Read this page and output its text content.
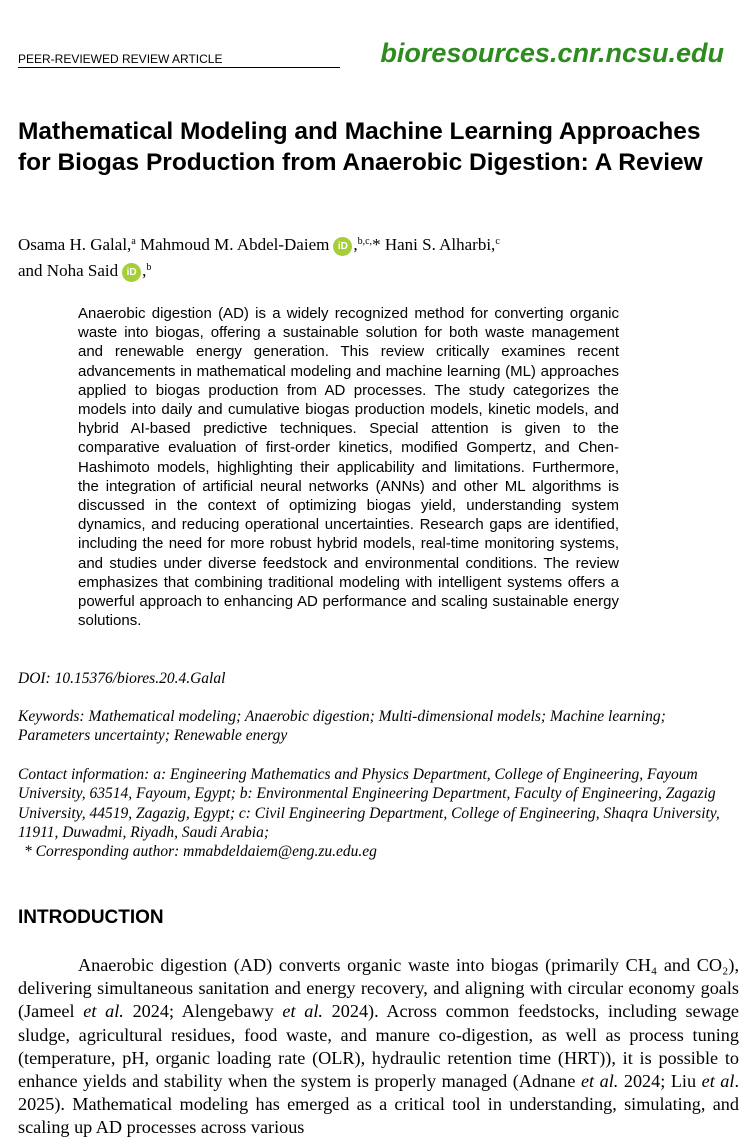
PEER-REVIEWED REVIEW ARTICLE	bioresources.cnr.ncsu.edu
Mathematical Modeling and Machine Learning Approaches for Biogas Production from Anaerobic Digestion: A Review
Osama H. Galal,$^a$ Mahmoud M. Abdel-Daiem iD ,$^{b,c,}$* Hani S. Alharbi,$^c$
and Noha Said iD ,$^b$

Anaerobic digestion (AD) is a widely recognized method for converting organic waste into biogas, offering a sustainable solution for both waste management and renewable energy generation. This review critically examines recent advancements in mathematical modeling and machine learning (ML) approaches applied to biogas production from AD processes. The study categorizes the models into daily and cumulative biogas production models, kinetic models, and hybrid AI-based predictive techniques. Special attention is given to the comparative evaluation of first-order kinetics, modified Gompertz, and Chen-Hashimoto models, highlighting their applicability and limitations. Furthermore, the integration of artificial neural networks (ANNs) and other ML algorithms is discussed in the context of optimizing biogas yield, understanding system dynamics, and reducing operational uncertainties. Research gaps are identified, including the need for more robust hybrid models, real-time monitoring systems, and studies under diverse feedstock and environmental conditions. The review emphasizes that combining traditional modeling with intelligent systems offers a powerful approach to enhancing AD performance and scaling sustainable energy solutions.

DOI: 10.15376/biores.20.4.Galal
Keywords: Mathematical modeling; Anaerobic digestion; Multi-dimensional models; Machine learning; Parameters uncertainty; Renewable energy
Contact information: a: Engineering Mathematics and Physics Department, College of Engineering, Fayoum University, 63514, Fayoum, Egypt; b: Environmental Engineering Department, Faculty of Engineering, Zagazig University, 44519, Zagazig, Egypt; c: Civil Engineering Department, College of Engineering, Shaqra University, 11911, Duwadmi, Riyadh, Saudi Arabia;
* Corresponding author: mmabdeldaiem@eng.zu.edu.eg
INTRODUCTION

Anaerobic digestion (AD) converts organic waste into biogas (primarily CH₄ and CO₂), delivering simultaneous sanitation and energy recovery, and aligning with circular economy goals (Jameel et al. 2024; Alengebawy et al. 2024). Across common feedstocks, including sewage sludge, agricultural residues, food waste, and manure co-digestion, as well as process tuning (temperature, pH, organic loading rate (OLR), hydraulic retention time (HRT)), it is possible to enhance yields and stability when the system is properly managed (Adnane et al. 2024; Liu et al. 2025). Mathematical modeling has emerged as a critical tool in understanding, simulating, and scaling up AD processes across various
